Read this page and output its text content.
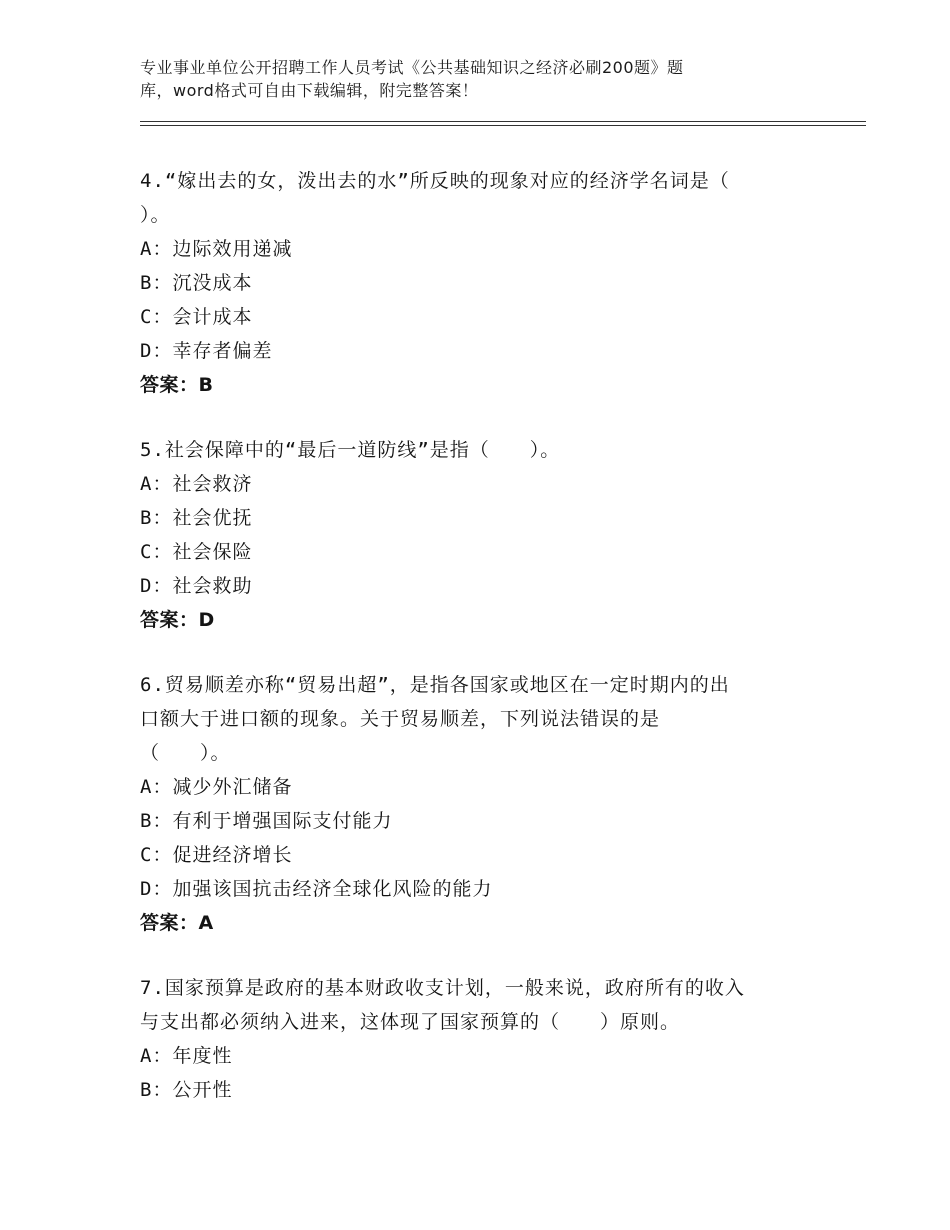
专业事业单位公开招聘工作人员考试《公共基础知识之经济必刷200题》题
库，word格式可自由下载编辑，附完整答案！
4.“嫁出去的女，泼出去的水”所反映的现象对应的经济学名词是（
）。
A：边际效用递减
B：沉没成本
C：会计成本
D：幸存者偏差
答案：B
5.社会保障中的“最后一道防线”是指（　　）。
A：社会救济
B：社会优抚
C：社会保险
D：社会救助
答案：D
6.贸易顺差亦称“贸易出超”，是指各国家或地区在一定时期内的出
口额大于进口额的现象。关于贸易顺差，下列说法错误的是
（　　）。
A：减少外汇储备
B：有利于增强国际支付能力
C：促进经济增长
D：加强该国抗击经济全球化风险的能力
答案：A
7.国家预算是政府的基本财政收支计划，一般来说，政府所有的收入
与支出都必须纳入进来，这体现了国家预算的（　　）原则。
A：年度性
B：公开性
